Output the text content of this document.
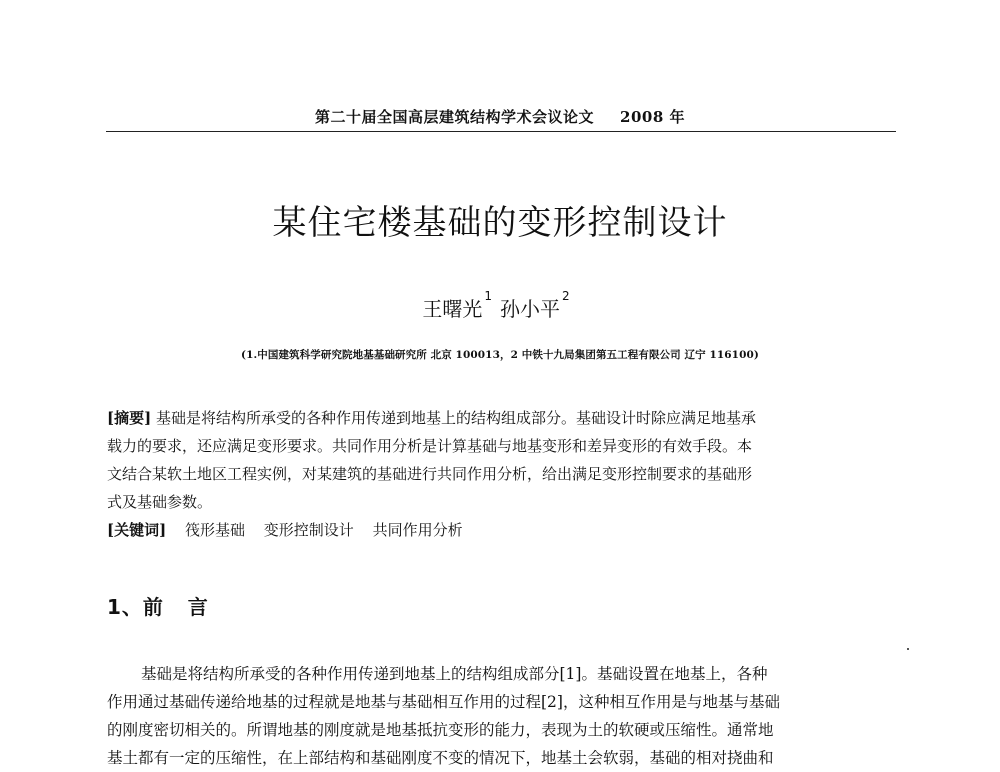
第二十届全国高层建筑结构学术会议论文 2008 年
某住宅楼基础的变形控制设计
王曙光$^1$孙小平$^2$
(1.中国建筑科学研究院地基基础研究所 北京 100013，2 中铁十九局集团第五工程有限公司 辽宁 116100)
[摘要] 基础是将结构所承受的各种作用传递到地基上的结构组成部分。基础设计时除应满足地基承
载力的要求，还应满足变形要求。共同作用分析是计算基础与地基变形和差异变形的有效手段。本
文结合某软土地区工程实例，对某建筑的基础进行共同作用分析，给出满足变形控制要求的基础形
式及基础参数。
[关键词] 筏形基础 变形控制设计 共同作用分析
1、前   言
基础是将结构所承受的各种作用传递到地基上的结构组成部分[1]。基础设置在地基上，各种
作用通过基础传递给地基的过程就是地基与基础相互作用的过程[2]，这种相互作用是与地基与基础
的刚度密切相关的。所谓地基的刚度就是地基抵抗变形的能力，表现为土的软硬或压缩性。通常地
基土都有一定的压缩性，在上部结构和基础刚度不变的情况下，地基土会软弱，基础的相对挠曲和
